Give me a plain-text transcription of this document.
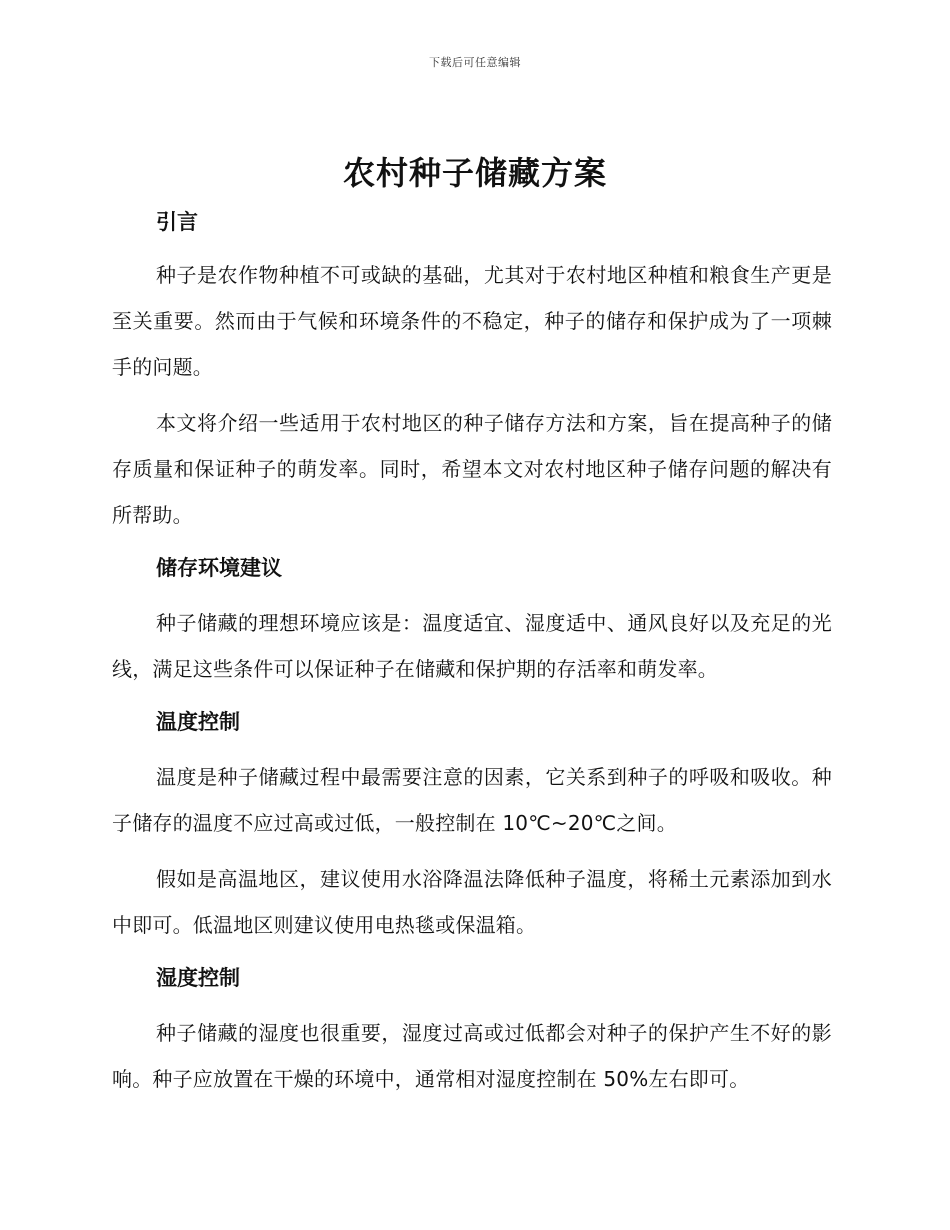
下载后可任意编辑
农村种子储藏方案
引言

种子是农作物种植不可或缺的基础，尤其对于农村地区种植和粮食生产更是至关重要。然而由于气候和环境条件的不稳定，种子的储存和保护成为了一项棘手的问题。

本文将介绍一些适用于农村地区的种子储存方法和方案，旨在提高种子的储存质量和保证种子的萌发率。同时，希望本文对农村地区种子储存问题的解决有所帮助。

储存环境建议

种子储藏的理想环境应该是：温度适宜、湿度适中、通风良好以及充足的光线，满足这些条件可以保证种子在储藏和保护期的存活率和萌发率。

温度控制

温度是种子储藏过程中最需要注意的因素，它关系到种子的呼吸和吸收。种子储存的温度不应过高或过低，一般控制在 10℃~20℃之间。

假如是高温地区，建议使用水浴降温法降低种子温度，将稀土元素添加到水中即可。低温地区则建议使用电热毯或保温箱。

湿度控制

种子储藏的湿度也很重要，湿度过高或过低都会对种子的保护产生不好的影响。种子应放置在干燥的环境中，通常相对湿度控制在 50%左右即可。
